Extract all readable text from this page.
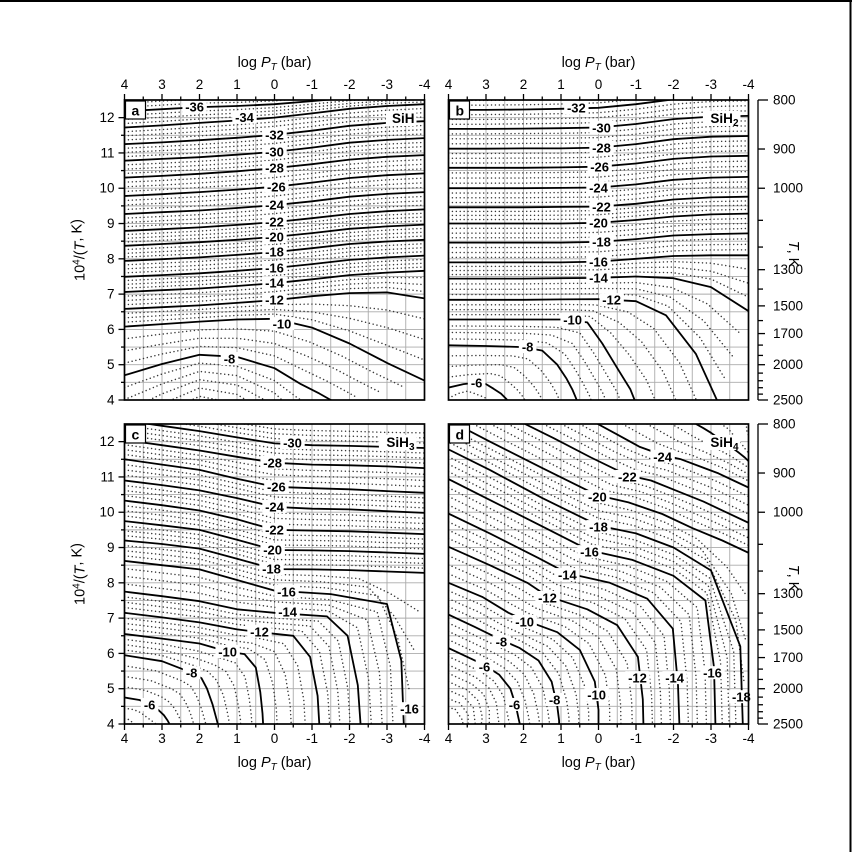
-36
-34
-32
-30
-28
-26
-24
-22
-20
-18
-16
-14
-12
-10
-8
a	SiH
4 3 2 1 0 -1 -2 -3 -4
12
11
10
9
8
7
6
5
4
$\log P_T$ (bar)
$10^4/(T$, K)
-32
-30
-28
-26
-24
-22
-20
-18
-16
-14
-12
-10
-8
-6
b	SiH$_2$
4 3 2 1 0 -1 -2 -3 -4
$\log P_T$ (bar)
800
900
1000
1300
1500
1700
2000
2500
T, K
-30
-28
-26
-24
-22
-20
-18
-16
-16
-14
-12
-10
-8
-6
c	SiH$_3$
4 3 2 1 0 -1 -2 -3 -4
12
11
10
9
8
7
6
5
4
$\log P_T$ (bar)
$10^4/(T$, K)
-24
-22
-20
-18
-18
-16
-16
-14
-14
-12
-12
-10
-10
-8
-8
-6
-6
d	SiH$_4$
4 3 2 1 0 -1 -2 -3 -4
$\log P_T$ (bar)
800
900
1000
1300
1500
1700
2000
2500
T, K
